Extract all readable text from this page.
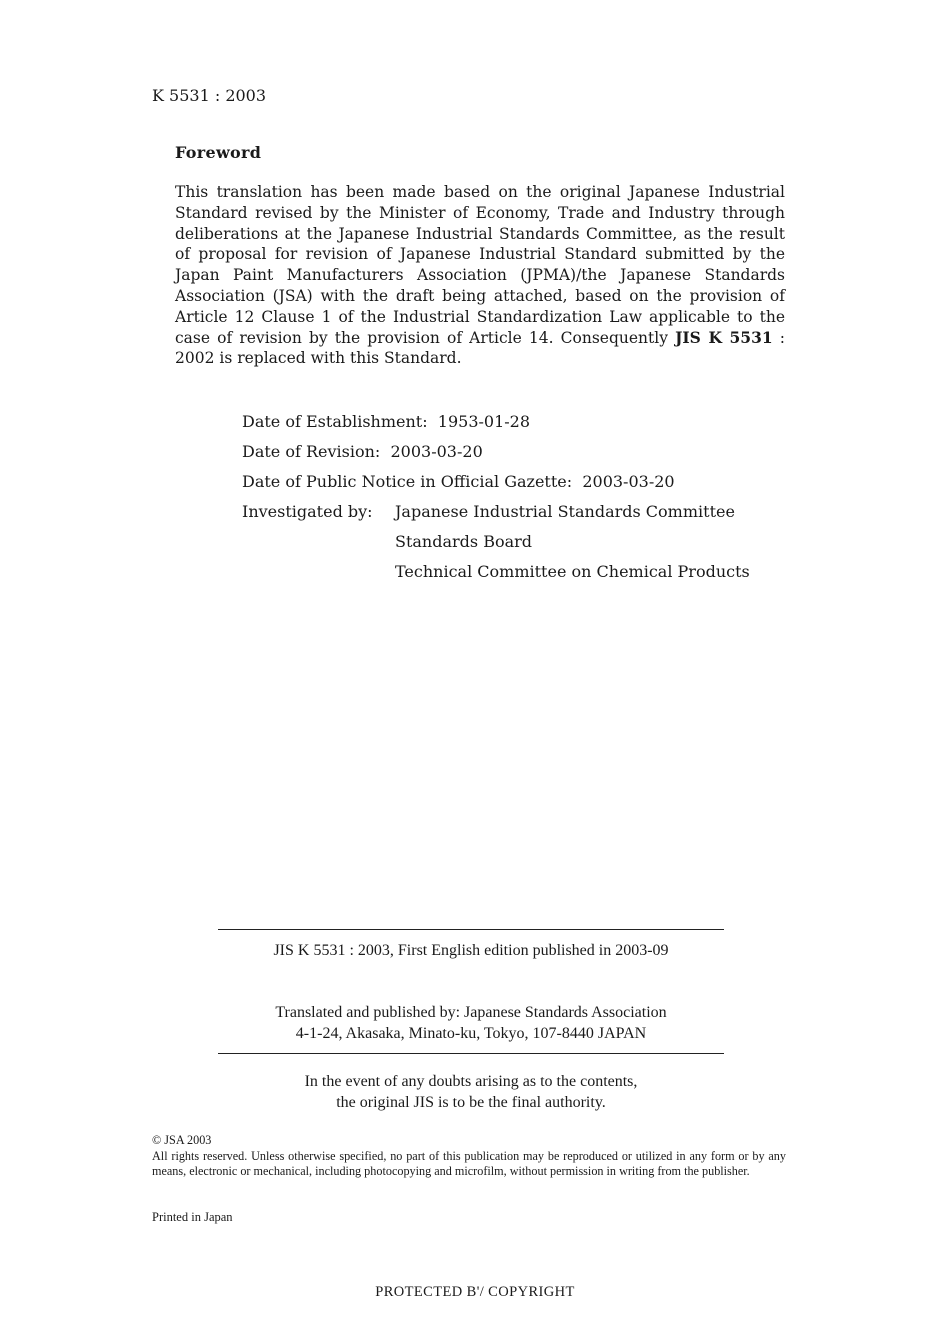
K 5531 : 2003
Foreword
This translation has been made based on the original Japanese Industrial Standard revised by the Minister of Economy, Trade and Industry through deliberations at the Japanese Industrial Standards Committee, as the result of proposal for revision of Japanese Industrial Standard submitted by the Japan Paint Manufacturers Association (JPMA)/the Japanese Standards Association (JSA) with the draft being attached, based on the provision of Article 12 Clause 1 of the Industrial Standardization Law applicable to the case of revision by the provision of Article 14. Consequently JIS K 5531 : 2002 is replaced with this Standard.
Date of Establishment: 1953-01-28
Date of Revision: 2003-03-20
Date of Public Notice in Official Gazette: 2003-03-20
Investigated by:	Japanese Industrial Standards Committee
Standards Board
Technical Committee on Chemical Products
JIS K 5531 : 2003, First English edition published in 2003-09
Translated and published by: Japanese Standards Association
4-1-24, Akasaka, Minato-ku, Tokyo, 107-8440 JAPAN
In the event of any doubts arising as to the contents,
the original JIS is to be the final authority.
© JSA 2003
All rights reserved. Unless otherwise specified, no part of this publication may be reproduced or utilized in any form or by any means, electronic or mechanical, including photocopying and microfilm, without permission in writing from the publisher.
Printed in Japan
PROTECTED B'/ COPYRIGHT
